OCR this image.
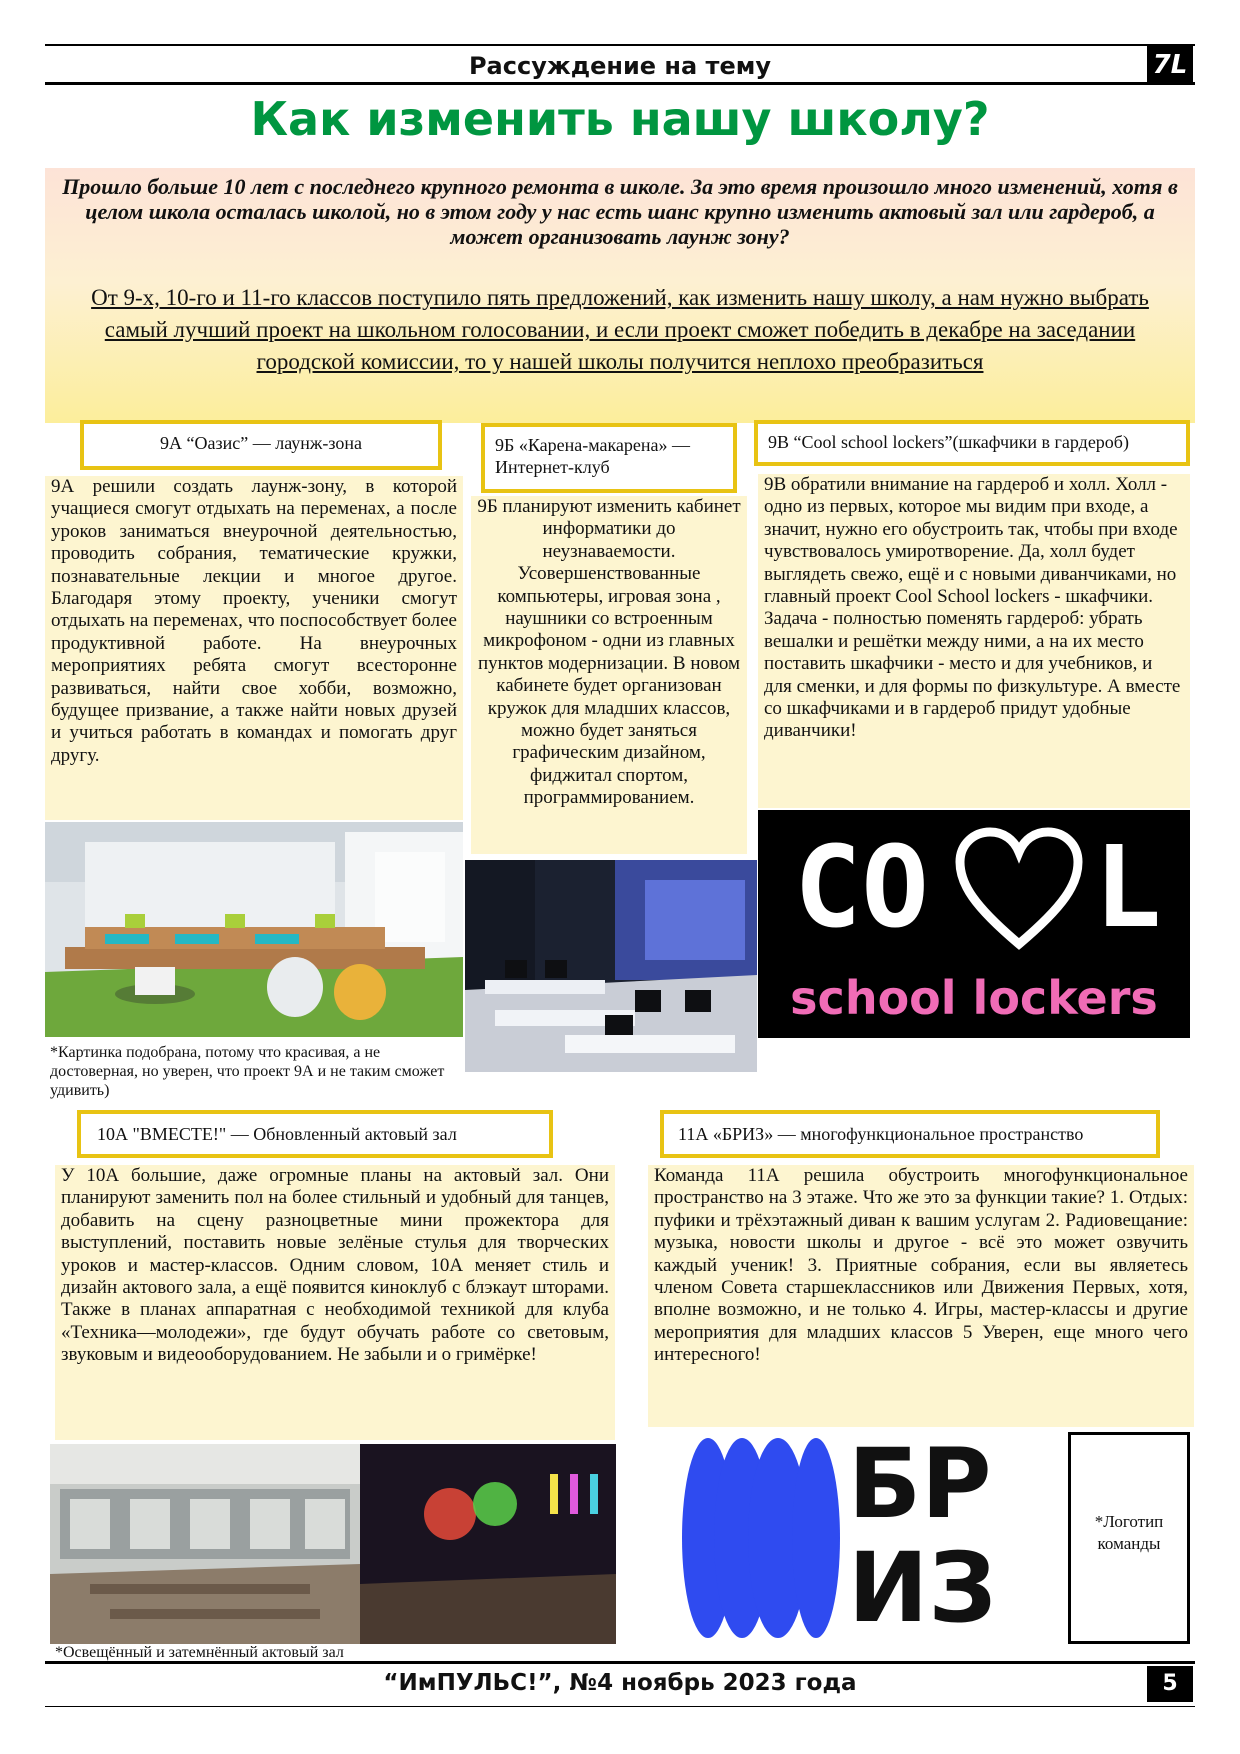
Рассуждение на тему	7L
Как изменить нашу школу?
Прошло больше 10 лет с последнего крупного ремонта в школе. За это время произошло много изменений, хотя в целом школа осталась школой, но в этом году у нас есть шанс крупно изменить актовый зал или гардероб, а может организовать лаунж зону?
От 9-х, 10-го и 11-го классов поступило пять предложений, как изменить нашу школу, а нам нужно выбрать самый лучший проект на школьном голосовании, и если проект сможет победить в декабре на заседании городской комиссии, то у нашей школы получится неплохо преобразиться
9А “Оазис” — лаунж-зона
9А решили создать лаунж-зону, в которой учащиеся смогут отдыхать на переменах, а после уроков заниматься внеурочной деятельностью, проводить собрания, тематические кружки, познавательные лекции и многое другое. Благодаря этому проекту, ученики смогут отдыхать на переменах, что поспособствует более продуктивной работе. На внеурочных мероприятиях ребята смогут всесторонне развиваться, найти свое хобби, возможно, будущее призвание, а также найти новых друзей и учиться работать в командах и помогать друг другу.
*Картинка подобрана, потому что красивая, а не достоверная, но уверен, что проект 9А и не таким сможет удивить)
9Б «Карена-макарена» — Интернет-клуб
9Б планируют изменить кабинет информатики до неузнаваемости. Усовершенствованные компьютеры, игровая зона , наушники со встроенным микрофоном - одни из главных пунктов модернизации. В новом кабинете будет организован кружок для младших классов, можно будет заняться графическим дизайном, фиджитал спортом, программированием.
9В “Cool school lockers”(шкафчики в гардероб)
9В обратили внимание на гардероб и холл. Холл - одно из первых, которое мы видим при входе, а значит, нужно его обустроить так, чтобы при входе чувствовалось умиротворение. Да, холл будет выглядеть свежо, ещё и с новыми диванчиками, но главный проект Cool School lockers - шкафчики. Задача - полностью поменять гардероб: убрать вешалки и решётки между ними, а на их место поставить шкафчики - место и для учебников, и для сменки, и для формы по физкультуре. А вместе со шкафчиками и в гардероб придут удобные диванчики!
CO L
school lockers
10А "ВМЕСТЕ!" — Обновленный актовый зал
У 10А большие, даже огромные планы на актовый зал. Они планируют заменить пол на более стильный и удобный для танцев, добавить на сцену разноцветные мини прожектора для выступлений, поставить новые зелёные стулья для творческих уроков и мастер-классов. Одним словом, 10А меняет стиль и дизайн актового зала, а ещё появится киноклуб с блэкаут шторами. Также в планах аппаратная с необходимой техникой для клуба «Техника—молодежи», где будут обучать работе со световым, звуковым и видеооборудованием. Не забыли и о гримёрке!
*Освещённый и затемнённый актовый зал
11А «БРИЗ» — многофункциональное пространство
Команда 11А решила обустроить многофункциональное пространство на 3 этаже. Что же это за функции такие? 1. Отдых: пуфики и трёхэтажный диван к вашим услугам 2. Радиовещание: музыка, новости школы и другое - всё это может озвучить каждый ученик! 3. Приятные собрания, если вы являетесь членом Совета старшеклассников или Движения Первых, хотя, вполне возможно, и не только 4. Игры, мастер-классы и другие мероприятия для младших классов 5 Уверен, еще много чего интересного!
БР
ИЗ
*Логотип команды
“ИмПУЛЬС!”, №4 ноябрь 2023 года	5
